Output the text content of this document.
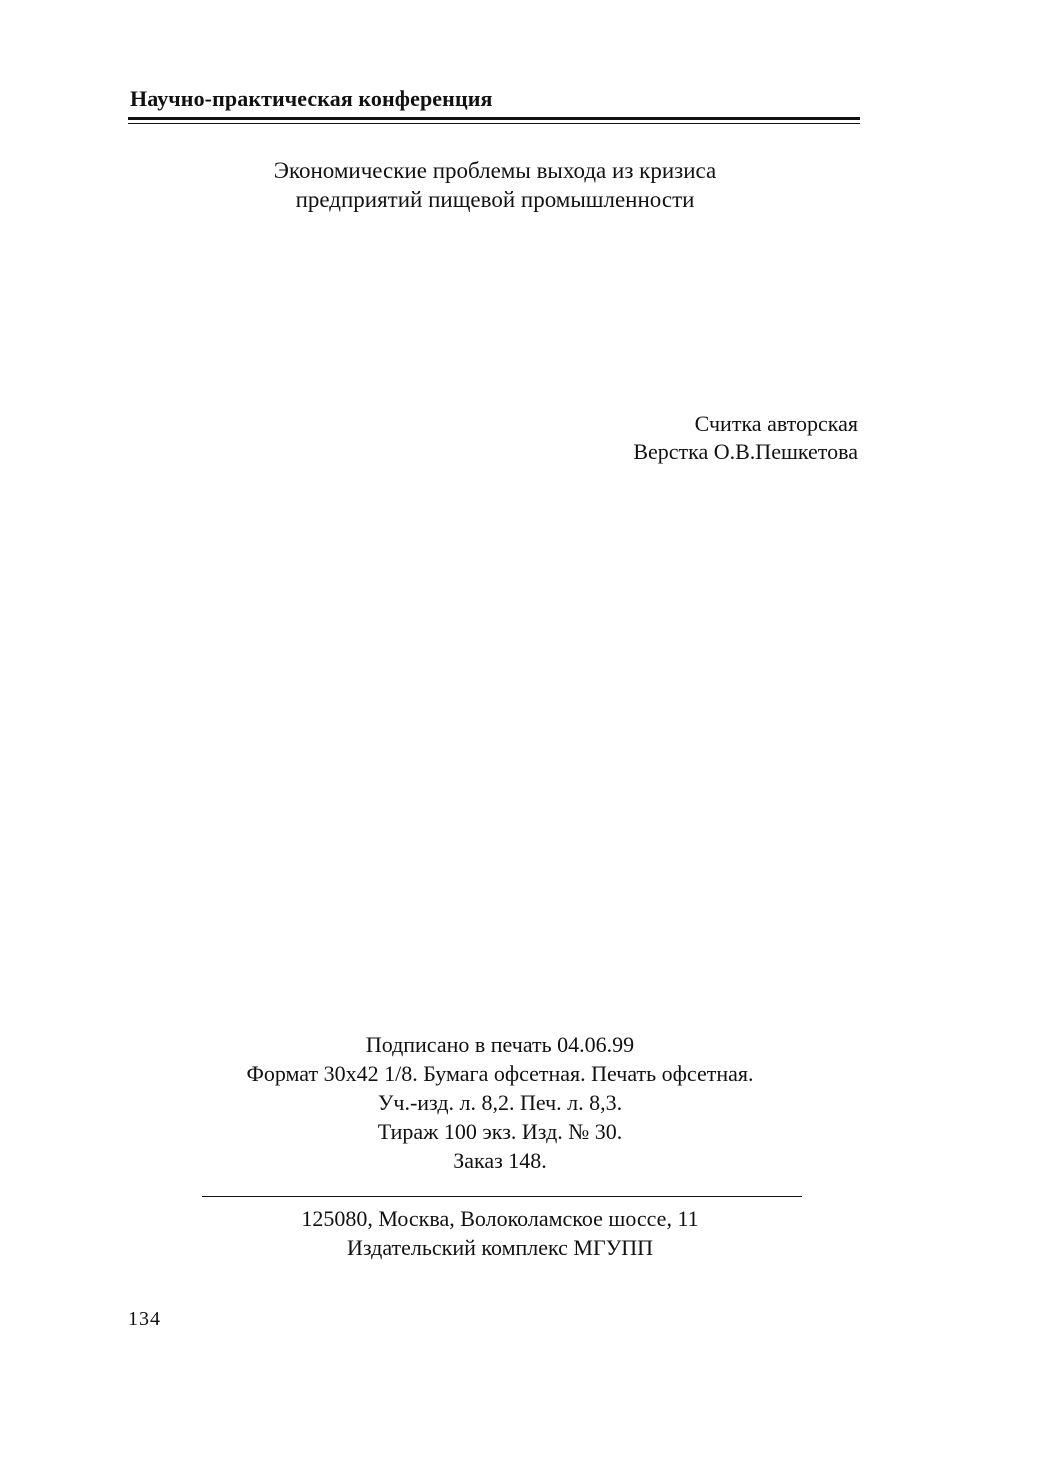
Научно-практическая конференция
Экономические проблемы выхода из кризиса
предприятий пищевой промышленности
Считка авторская
Верстка О.В.Пешкетова
Подписано в печать 04.06.99
Формат 30х42 1/8. Бумага офсетная. Печать офсетная.
Уч.-изд. л. 8,2. Печ. л. 8,3.
Тираж 100 экз. Изд. № 30.
Заказ 148.
125080, Москва, Волоколамское шоссе, 11
Издательский комплекс МГУПП
134
